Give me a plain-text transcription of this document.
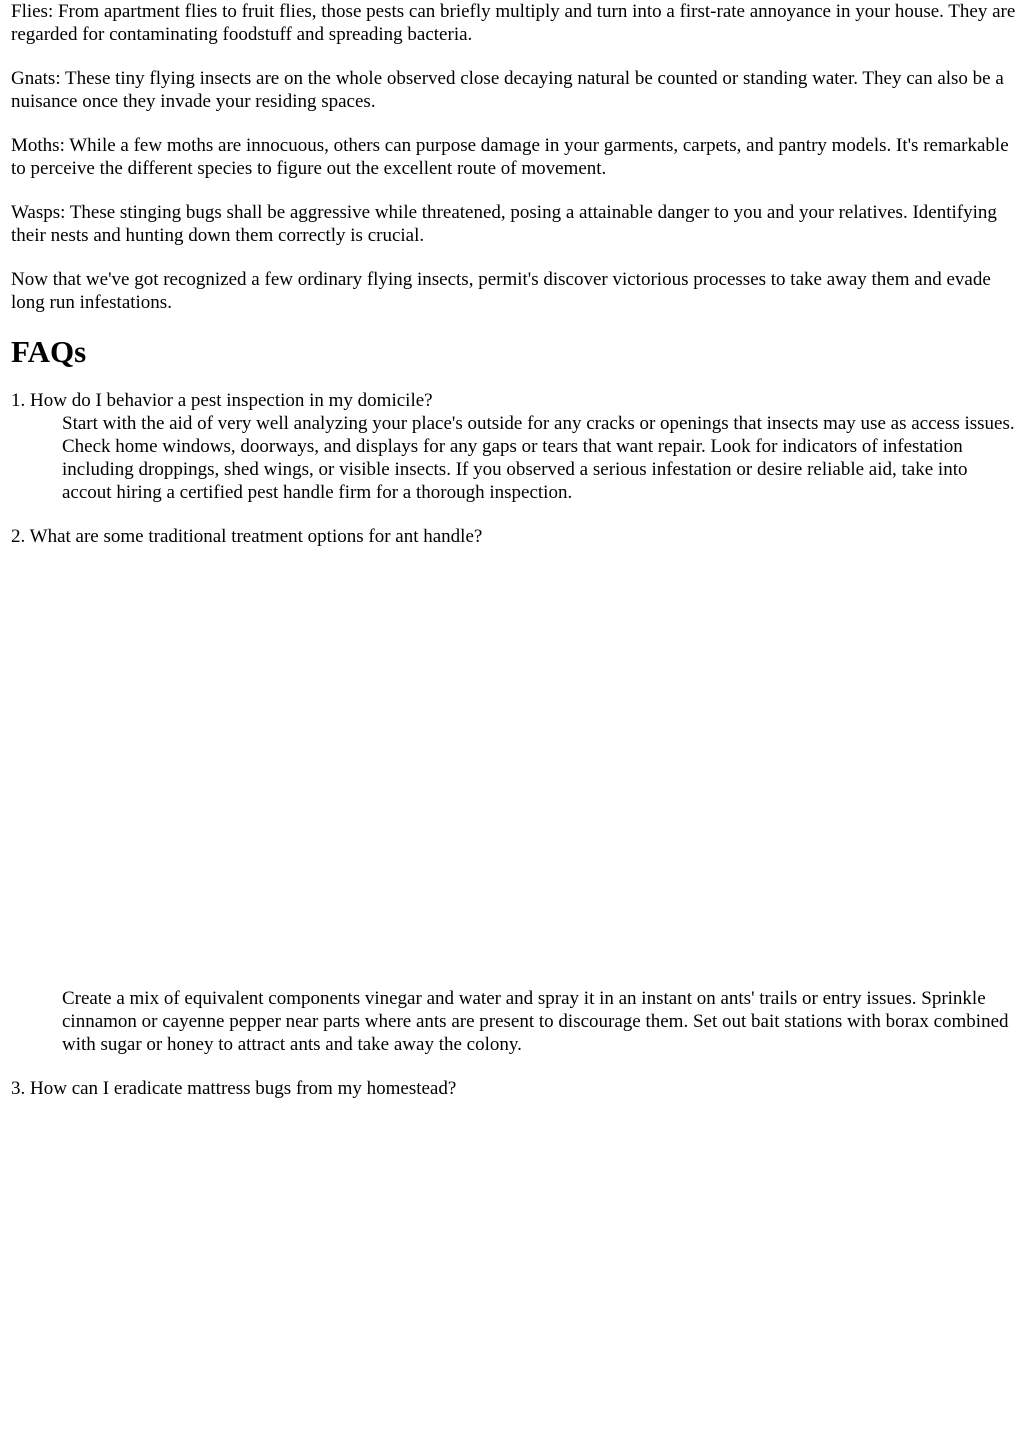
Flies: From apartment flies to fruit flies, those pests can briefly multiply and turn into a first-rate annoyance in your house. They are regarded for contaminating foodstuff and spreading bacteria.

Gnats: These tiny flying insects are on the whole observed close decaying natural be counted or standing water. They can also be a nuisance once they invade your residing spaces.

Moths: While a few moths are innocuous, others can purpose damage in your garments, carpets, and pantry models. It's remarkable to perceive the different species to figure out the excellent route of movement.

Wasps: These stinging bugs shall be aggressive while threatened, posing a attainable danger to you and your relatives. Identifying their nests and hunting down them correctly is crucial.

Now that we've got recognized a few ordinary flying insects, permit's discover victorious processes to take away them and evade long run infestations.

FAQs

1. How do I behavior a pest inspection in my domicile?

Start with the aid of very well analyzing your place's outside for any cracks or openings that insects may use as access issues. Check home windows, doorways, and displays for any gaps or tears that want repair. Look for indicators of infestation including droppings, shed wings, or visible insects. If you observed a serious infestation or desire reliable aid, take into accout hiring a certified pest handle firm for a thorough inspection.

2. What are some traditional treatment options for ant handle?

Create a mix of equivalent components vinegar and water and spray it in an instant on ants' trails or entry issues. Sprinkle cinnamon or cayenne pepper near parts where ants are present to discourage them. Set out bait stations with borax combined with sugar or honey to attract ants and take away the colony.

3. How can I eradicate mattress bugs from my homestead?
